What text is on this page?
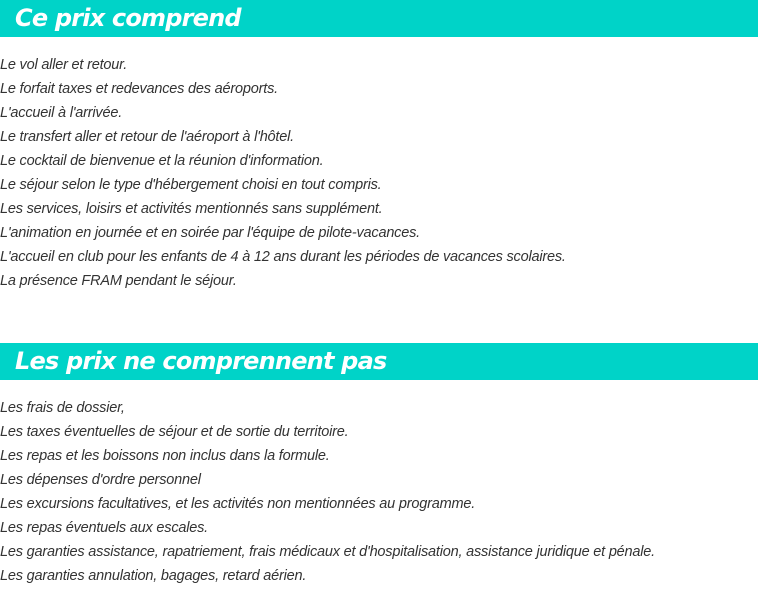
Ce prix comprend
Le vol aller et retour.
Le forfait taxes et redevances des aéroports.
L'accueil à l'arrivée.
Le transfert aller et retour de l'aéroport à l'hôtel.
Le cocktail de bienvenue et la réunion d'information.
Le séjour selon le type d'hébergement choisi en tout compris.
Les services, loisirs et activités mentionnés sans supplément.
L'animation en journée et en soirée par l'équipe de pilote-vacances.
L'accueil en club pour les enfants de 4 à 12 ans durant les périodes de vacances scolaires.
La présence FRAM pendant le séjour.
Les prix ne comprennent pas
Les frais de dossier,
Les taxes éventuelles de séjour et de sortie du territoire.
Les repas et les boissons non inclus dans la formule.
Les dépenses d'ordre personnel
Les excursions facultatives, et les activités non mentionnées au programme.
Les repas éventuels aux escales.
Les garanties assistance, rapatriement, frais médicaux et d'hospitalisation, assistance juridique et pénale.
Les garanties annulation, bagages, retard aérien.
